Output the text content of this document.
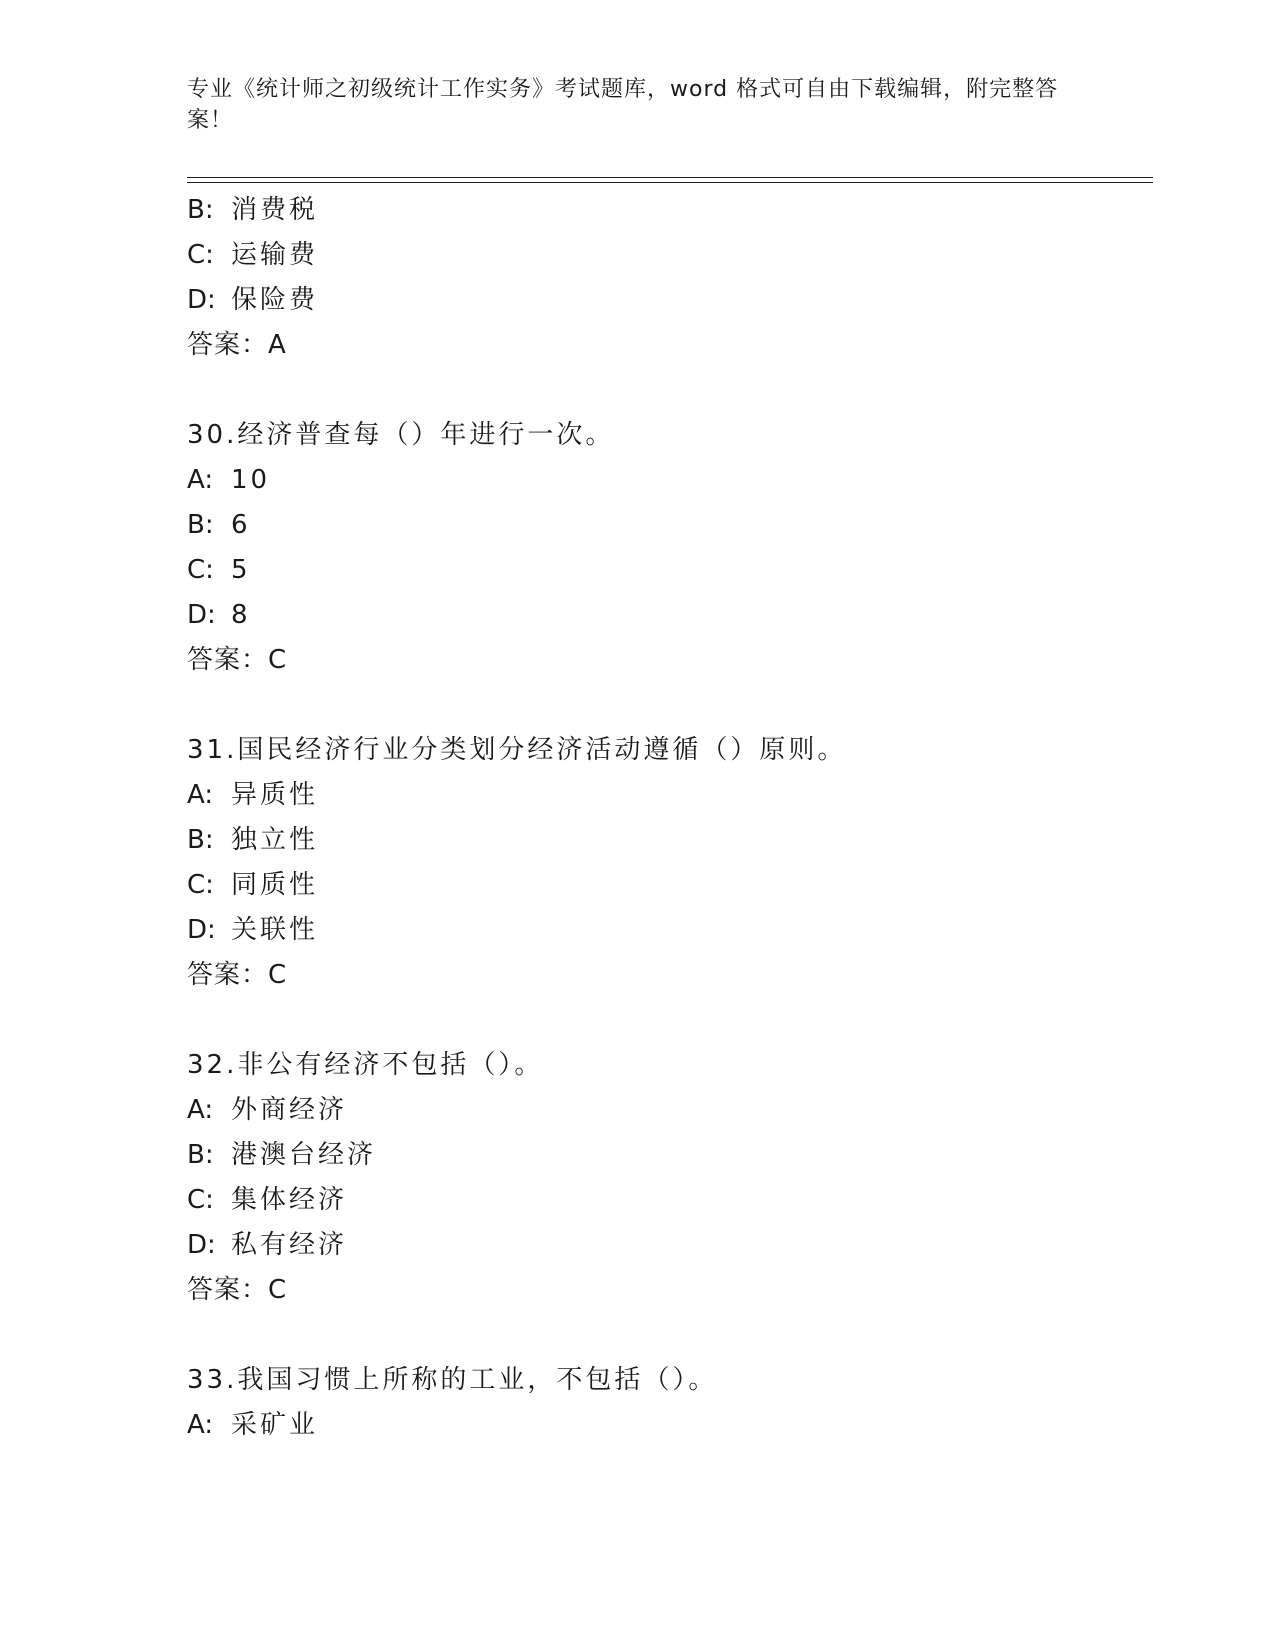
专业《统计师之初级统计工作实务》考试题库，word 格式可自由下载编辑，附完整答案！
B: 消费税
C: 运输费
D: 保险费
答案：A
30.经济普查每（）年进行一次。
A: 10
B: 6
C: 5
D: 8
答案：C
31.国民经济行业分类划分经济活动遵循（）原则。
A: 异质性
B: 独立性
C: 同质性
D: 关联性
答案：C
32.非公有经济不包括（）。
A: 外商经济
B: 港澳台经济
C: 集体经济
D: 私有经济
答案：C
33.我国习惯上所称的工业，不包括（）。
A: 采矿业
